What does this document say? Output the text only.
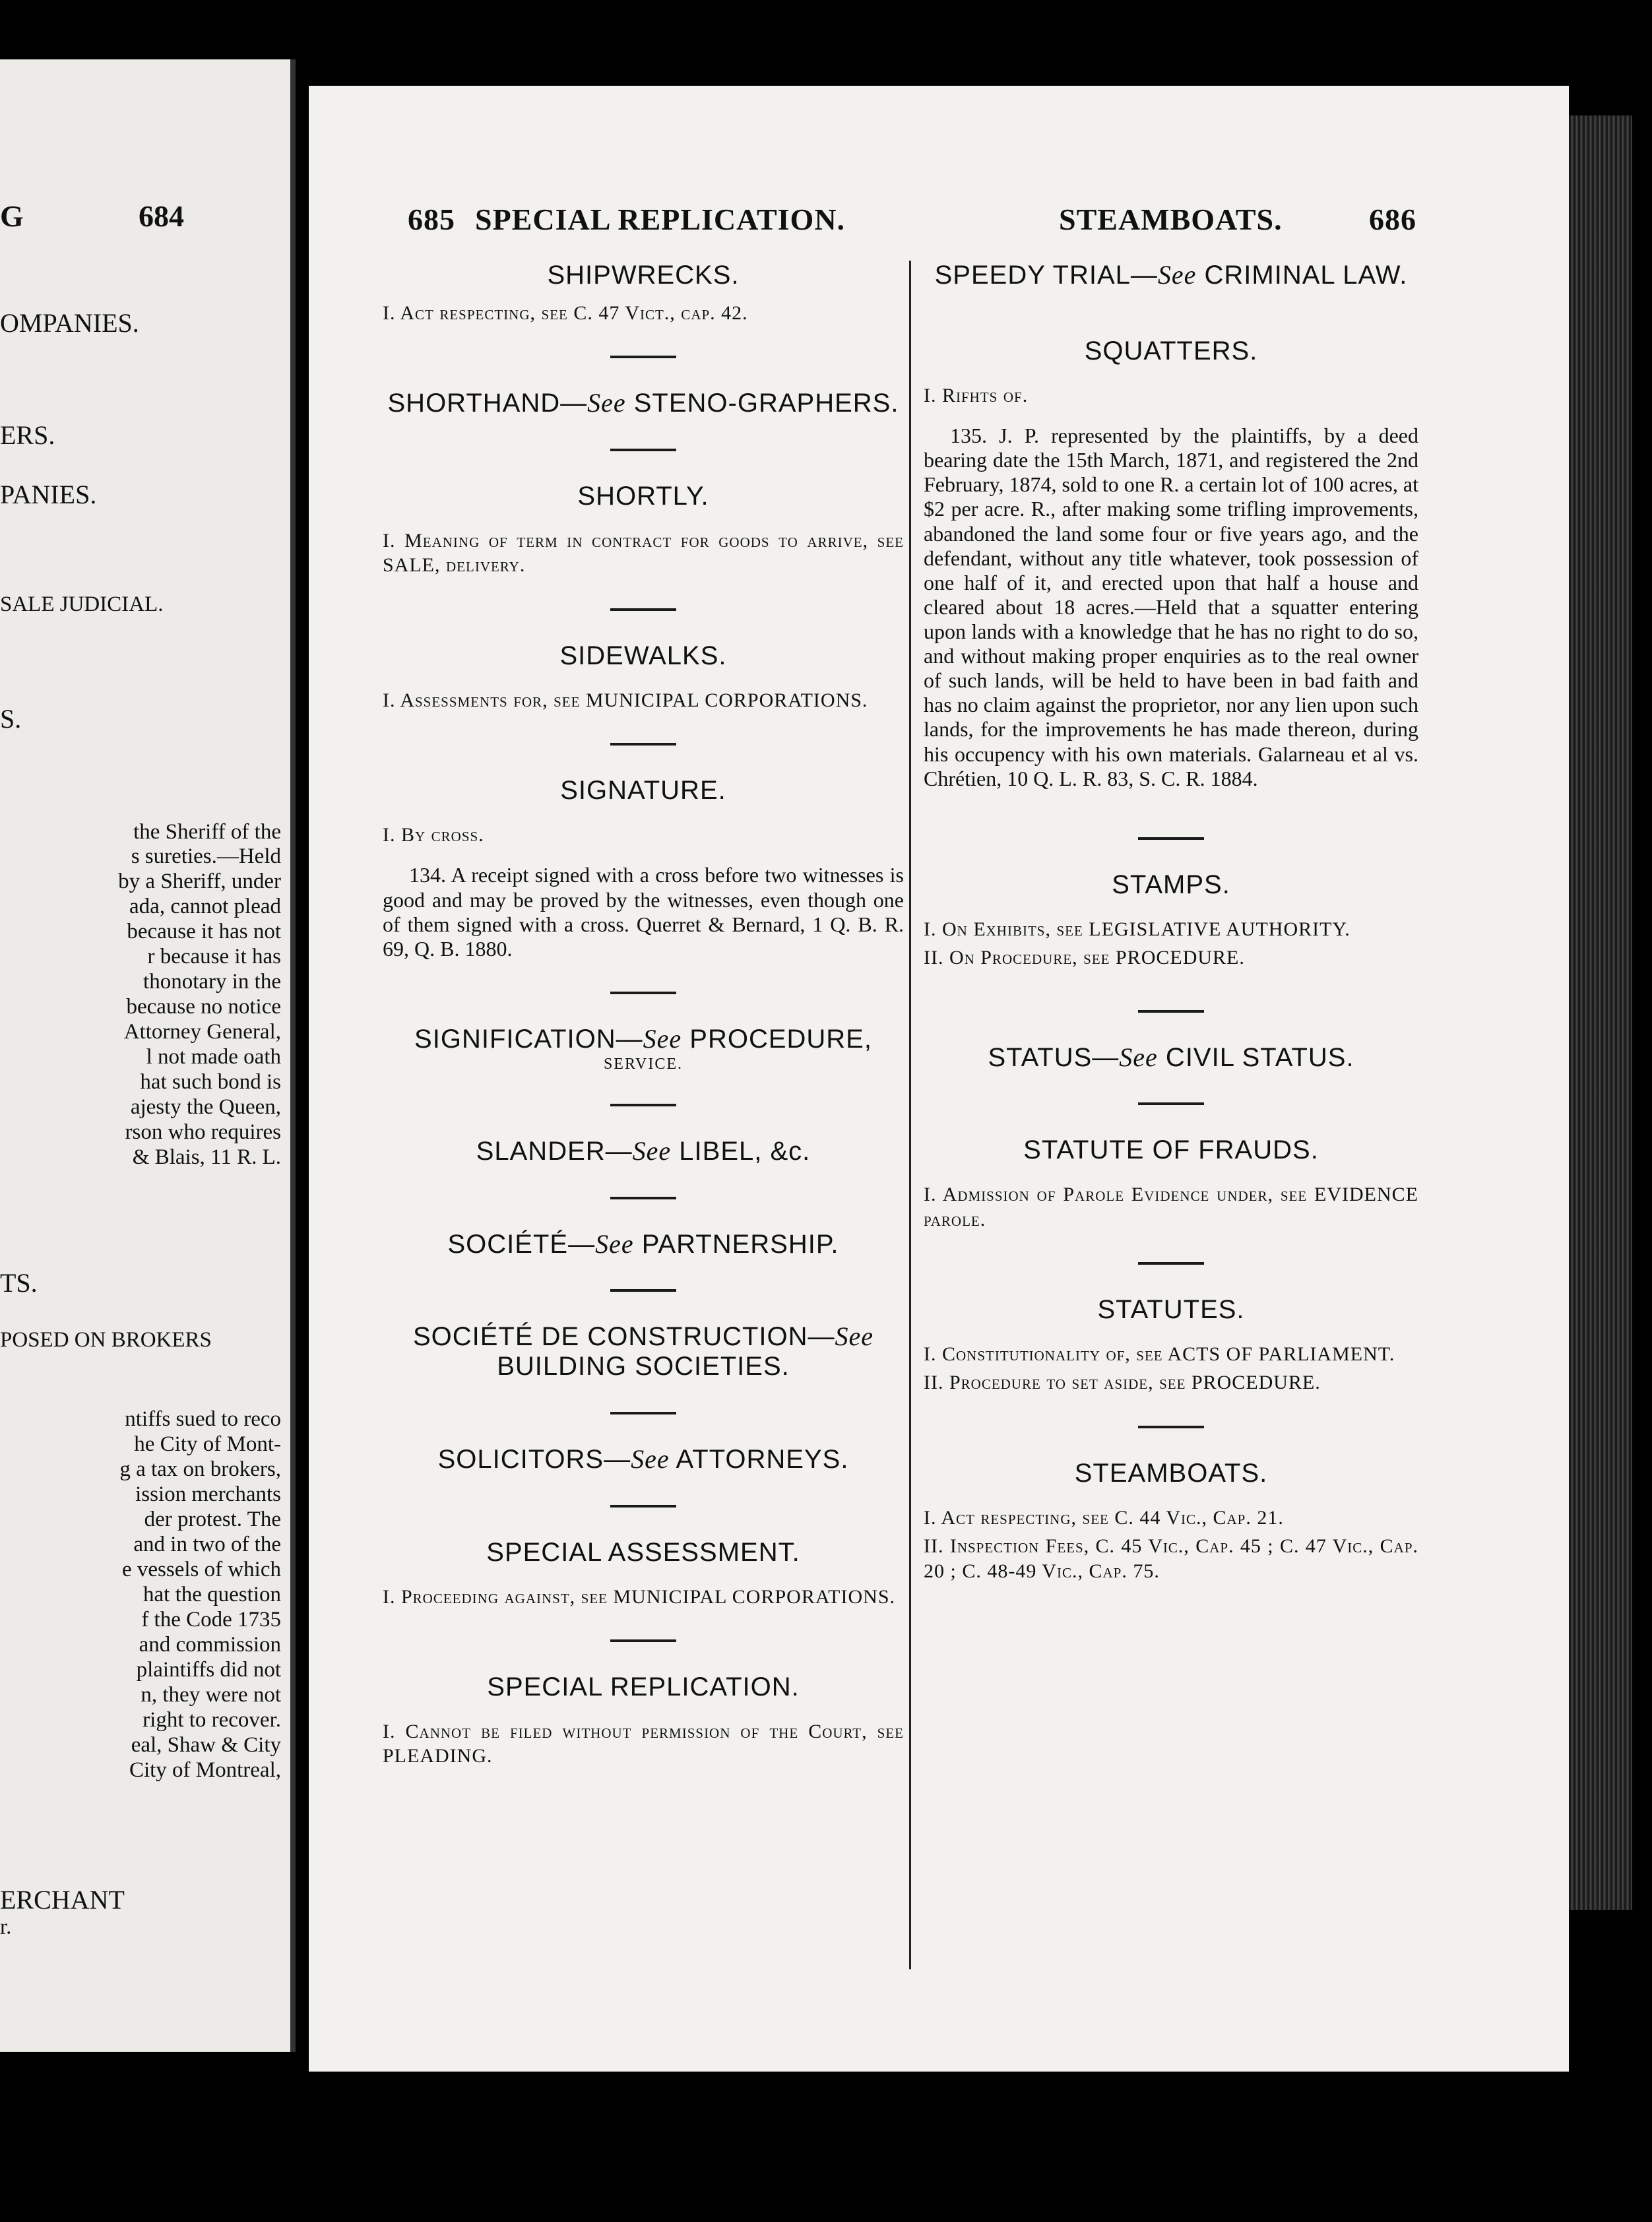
G	684
OMPANIES.
ERS.
PANIES.
SALE JUDICIAL.
S.
the Sheriff of the
s sureties.—Held
by a Sheriff, under
ada, cannot plead
because it has not
r because it has
thonotary in the
because no notice
Attorney General,
l not made oath
hat such bond is
ajesty the Queen,
rson who requires
& Blais, 11 R. L.
TS.
POSED ON BROKERS
ntiffs sued to reco
he City of Mont-
g a tax on brokers,
ission merchants
der protest. The
and in two of the
e vessels of which
hat the question
f the Code 1735
and commission
plaintiffs did not
n, they were not
right to recover.
eal, Shaw & City
City of Montreal,
ERCHANT
r.
685 SPECIAL REPLICATION.	STEAMBOATS.	686

SHIPWRECKS.

I. Act respecting, see C. 47 Vict., cap. 42.

SHORTHAND—See STENO-GRAPHERS.

SHORTLY.

I. Meaning of term in contract for goods to arrive, see SALE, delivery.

SIDEWALKS.

I. Assessments for, see MUNICIPAL CORPORATIONS.

SIGNATURE.

I. By cross.

134. A receipt signed with a cross before two witnesses is good and may be proved by the witnesses, even though one of them signed with a cross. Querret & Bernard, 1 Q. B. R. 69, Q. B. 1880.

SIGNIFICATION—See PROCEDURE,

SERVICE.

SLANDER—See LIBEL, &c.

SOCIÉTÉ—See PARTNERSHIP.

SOCIÉTÉ DE CONSTRUCTION—See BUILDING SOCIETIES.

SOLICITORS—See ATTORNEYS.

SPECIAL ASSESSMENT.

I. Proceeding against, see MUNICIPAL CORPORATIONS.

SPECIAL REPLICATION.

I. Cannot be filed without permission of the Court, see PLEADING.

SPEEDY TRIAL—See CRIMINAL LAW.

SQUATTERS.

I. Rifhts of.

135. J. P. represented by the plaintiffs, by a deed bearing date the 15th March, 1871, and registered the 2nd February, 1874, sold to one R. a certain lot of 100 acres, at $2 per acre. R., after making some trifling improvements, abandoned the land some four or five years ago, and the defendant, without any title whatever, took possession of one half of it, and erected upon that half a house and cleared about 18 acres.—Held that a squatter entering upon lands with a knowledge that he has no right to do so, and without making proper enquiries as to the real owner of such lands, will be held to have been in bad faith and has no claim against the proprietor, nor any lien upon such lands, for the improvements he has made thereon, during his occupency with his own materials. Galarneau et al vs. Chrétien, 10 Q. L. R. 83, S. C. R. 1884.

STAMPS.

I. On Exhibits, see LEGISLATIVE AUTHORITY.

II. On Procedure, see PROCEDURE.

STATUS—See CIVIL STATUS.

STATUTE OF FRAUDS.

I. Admission of Parole Evidence under, see EVIDENCE parole.

STATUTES.

I. Constitutionality of, see ACTS OF PARLIAMENT.

II. Procedure to set aside, see PROCEDURE.

STEAMBOATS.

I. Act respecting, see C. 44 Vic., Cap. 21.

II. Inspection Fees, C. 45 Vic., Cap. 45 ; C. 47 Vic., Cap. 20 ; C. 48-49 Vic., Cap. 75.
